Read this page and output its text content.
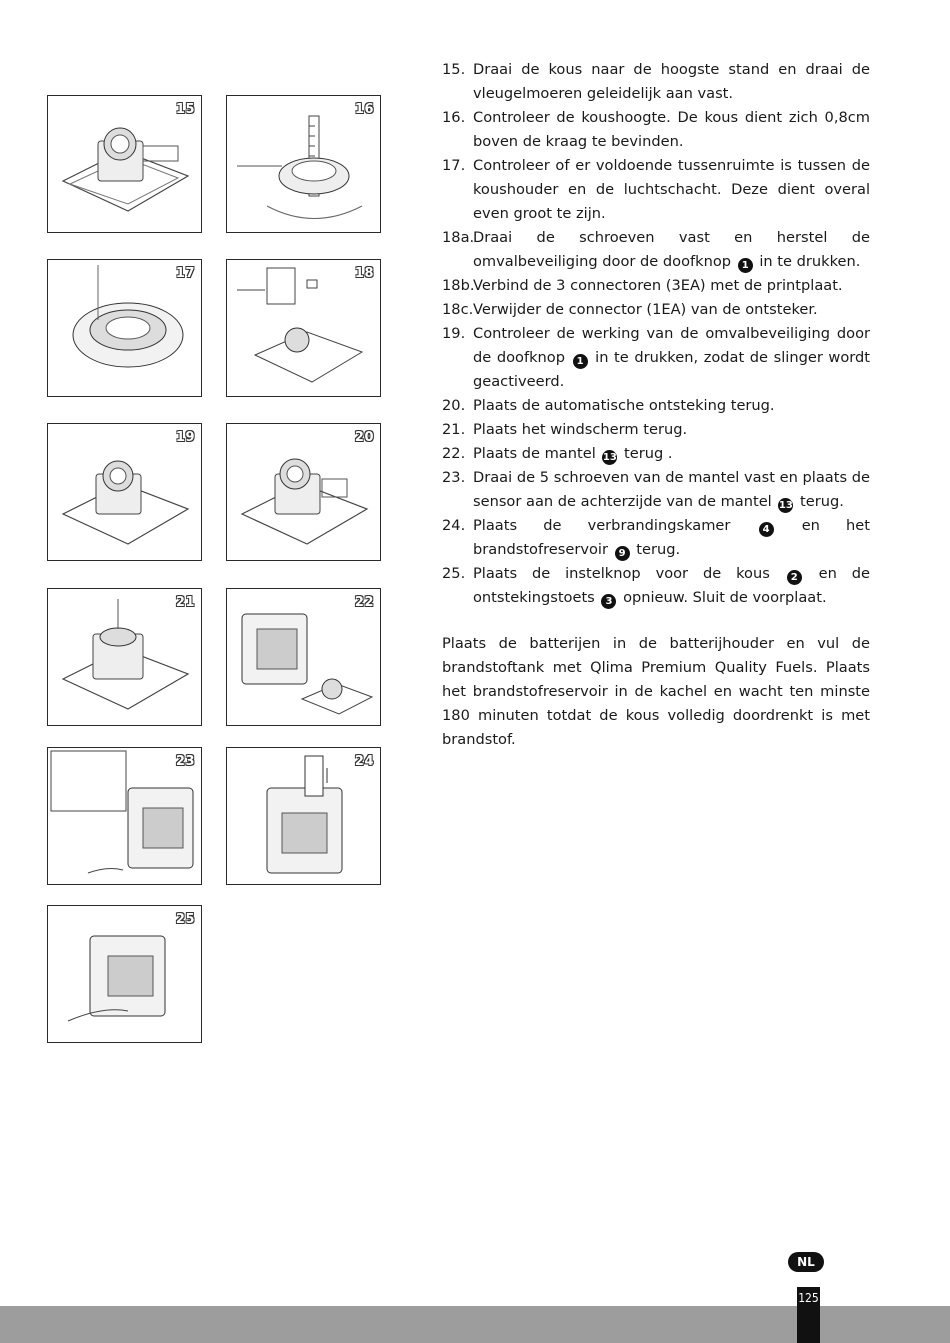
15	16
17	18
19	20
21	22
23	24
25
15. Draai de kous naar de hoogste stand en draai de vleugelmoeren geleidelijk aan vast.
16. Controleer de koushoogte. De kous dient zich 0,8cm boven de kraag te bevinden.
17. Controleer of er voldoende tussenruimte is tussen de koushouder en de luchtschacht. Deze dient overal even groot te zijn.
18a.
Draai de schroeven vast en herstel de omvalbeveiliging door de doofknop 1 in te drukken.
18b.
Verbind de 3 connectoren (3EA) met de printplaat.
18c. Verwijder de connector (1EA) van de ontsteker.
19. Controleer de werking van de omvalbeveiliging door de doofknop 1 in te drukken, zodat de slinger wordt geactiveerd.
20. Plaats de automatische ontsteking terug.
21. Plaats het windscherm terug.
22. Plaats de mantel 13 terug .
23. Draai de 5 schroeven van de mantel vast en plaats de sensor aan de achterzijde van de mantel 13 terug.
24. Plaats de verbrandingskamer	4 en het brandstofreservoir 9 terug.
25. Plaats de instelknop voor de kous 2 en de ontstekingstoets 3 opnieuw. Sluit de voorplaat.

Plaats de batterijen in de batterijhouder en vul de brandstoftank met Qlima Premium Quality Fuels. Plaats het brandstofreservoir in de kachel en wacht ten minste 180 minuten totdat de kous volledig doordrenkt is met brandstof.

NL
125
